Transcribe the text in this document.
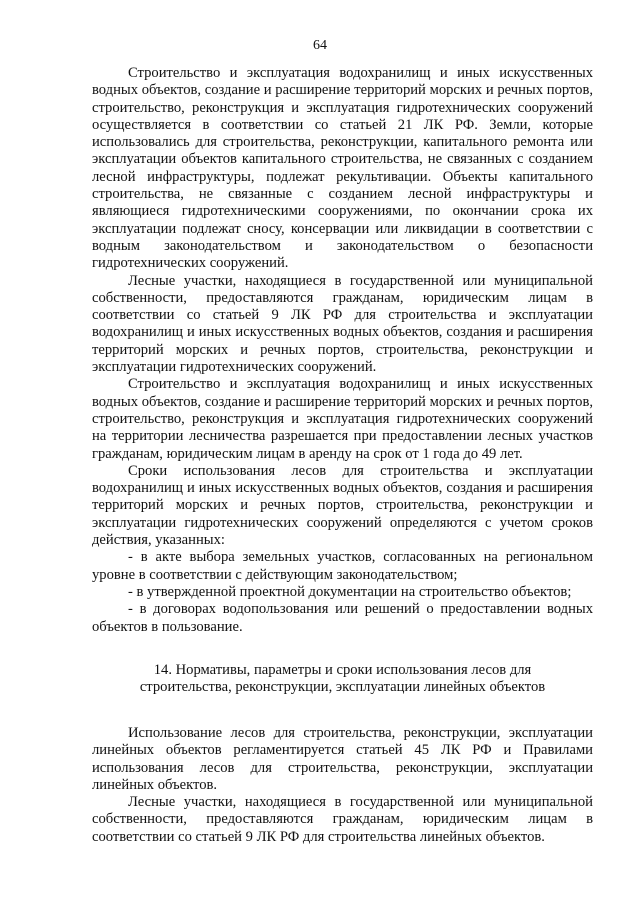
64

Строительство и эксплуатация водохранилищ и иных искусственных водных объектов, создание и расширение территорий морских и речных портов, строительство, реконструкция и эксплуатация гидротехнических сооружений осуществляется в соответствии со статьей 21 ЛК РФ. Земли, которые использовались для строительства, реконструкции, капитального ремонта или эксплуатации объектов капитального строительства, не связанных с созданием лесной инфраструктуры, подлежат рекультивации. Объекты капитального строительства, не связанные с созданием лесной инфраструктуры и являющиеся гидротехническими сооружениями, по окончании срока их эксплуатации подлежат сносу, консервации или ликвидации в соответствии с водным законодательством и законодательством о безопасности гидротехнических сооружений.

Лесные участки, находящиеся в государственной или муниципальной собственности, предоставляются гражданам, юридическим лицам в соответствии со статьей 9 ЛК РФ для строительства и эксплуатации водохранилищ и иных искусственных водных объектов, создания и расширения территорий морских и речных портов, строительства, реконструкции и эксплуатации гидротехнических сооружений.

Строительство и эксплуатация водохранилищ и иных искусственных водных объектов, создание и расширение территорий морских и речных портов, строительство, реконструкция и эксплуатация гидротехнических сооружений на территории лесничества разрешается при предоставлении лесных участков гражданам, юридическим лицам в аренду на срок от 1 года до 49 лет.

Сроки использования лесов для строительства и эксплуатации водохранилищ и иных искусственных водных объектов, создания и расширения территорий морских и речных портов, строительства, реконструкции и эксплуатации гидротехнических сооружений определяются с учетом сроков действия, указанных:

- в акте выбора земельных участков, согласованных на региональном уровне в соответствии с действующим законодательством;

- в утвержденной проектной документации на строительство объектов;

- в договорах водопользования или решений о предоставлении водных объектов в пользование.

14. Нормативы, параметры и сроки использования лесов для
строительства, реконструкции, эксплуатации линейных объектов

Использование лесов для строительства, реконструкции, эксплуатации линейных объектов регламентируется статьей 45 ЛК РФ и Правилами использования лесов для строительства, реконструкции, эксплуатации линейных объектов.

Лесные участки, находящиеся в государственной или муниципальной собственности, предоставляются гражданам, юридическим лицам в соответствии со статьей 9 ЛК РФ для строительства линейных объектов.
